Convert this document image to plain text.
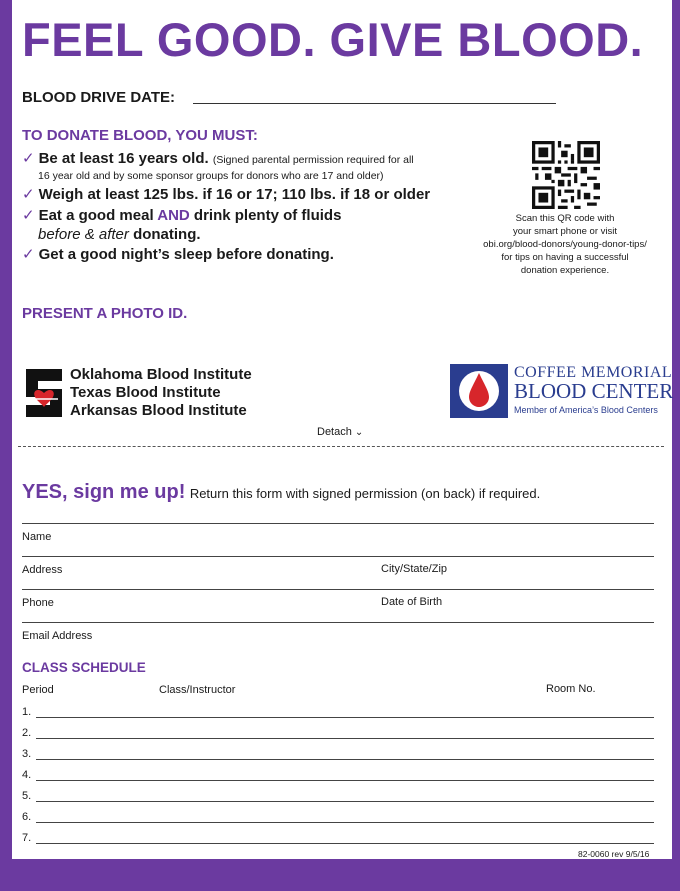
FEEL GOOD. GIVE BLOOD.
BLOOD DRIVE DATE:
TO DONATE BLOOD, YOU MUST:
✓ Be at least 16 years old. (Signed parental permission required for all
16 year old and by some sponsor groups for donors who are 17 and older)
✓ Weigh at least 125 lbs. if 16 or 17; 110 lbs. if 18 or older
✓ Eat a good meal AND drink plenty of fluids
before & after donating.
✓ Get a good night’s sleep before donating.
Scan this QR code with
your smart phone or visit
obi.org/blood-donors/young-donor-tips/
for tips on having a successful
donation experience.
PRESENT A PHOTO ID.
Oklahoma Blood Institute
Texas Blood Institute
Arkansas Blood Institute
COFFEE MEMORIAL
BLOOD CENTER
Member of America’s Blood Centers
Detach ⌄
YES, sign me up! Return this form with signed permission (on back) if required.
Name
Address	City/State/Zip
Phone	Date of Birth
Email Address
CLASS SCHEDULE
Period	Class/Instructor	Room No.
1.
2.
3.
4.
5.
6.
7.
82-0060 rev 9/5/16
